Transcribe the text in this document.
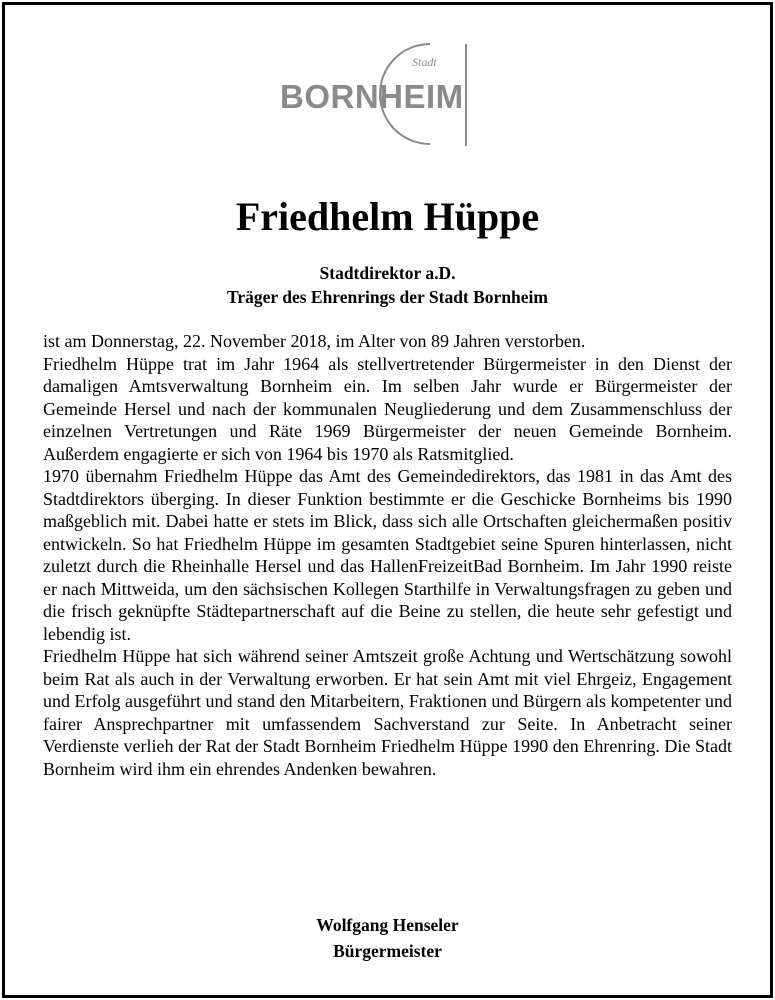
Stadt
BORNHEIM
Friedhelm Hüppe
Stadtdirektor a.D.
Träger des Ehrenrings der Stadt Bornheim

ist am Donnerstag, 22. November 2018, im Alter von 89 Jahren verstorben.

Friedhelm Hüppe trat im Jahr 1964 als stellvertretender Bürgermeister in den Dienst der damaligen Amtsverwaltung Bornheim ein. Im selben Jahr wurde er Bürgermeister der Gemeinde Hersel und nach der kommunalen Neugliederung und dem Zusammenschluss der einzelnen Vertretungen und Räte 1969 Bürgermeister der neuen Gemeinde Bornheim. Außerdem engagierte er sich von 1964 bis 1970 als Ratsmitglied.

1970 übernahm Friedhelm Hüppe das Amt des Gemeindedirektors, das 1981 in das Amt des Stadtdirektors überging. In dieser Funktion bestimmte er die Geschicke Bornheims bis 1990 maßgeblich mit. Dabei hatte er stets im Blick, dass sich alle Ortschaften gleichermaßen positiv entwickeln. So hat Friedhelm Hüppe im gesamten Stadtgebiet seine Spuren hinterlassen, nicht zuletzt durch die Rheinhalle Hersel und das HallenFreizeitBad Bornheim. Im Jahr 1990 reiste er nach Mittweida, um den sächsischen Kollegen Starthilfe in Verwaltungsfragen zu geben und die frisch geknüpfte Städtepartnerschaft auf die Beine zu stellen, die heute sehr gefestigt und lebendig ist.

Friedhelm Hüppe hat sich während seiner Amtszeit große Achtung und Wertschätzung sowohl beim Rat als auch in der Verwaltung erworben. Er hat sein Amt mit viel Ehrgeiz, Engagement und Erfolg ausgeführt und stand den Mitarbeitern, Fraktionen und Bürgern als kompetenter und fairer Ansprechpartner mit umfassendem Sachverstand zur Seite. In Anbetracht seiner Verdienste verlieh der Rat der Stadt Bornheim Friedhelm Hüppe 1990 den Ehrenring. Die Stadt Bornheim wird ihm ein ehrendes Andenken bewahren.

Wolfgang Henseler
Bürgermeister
